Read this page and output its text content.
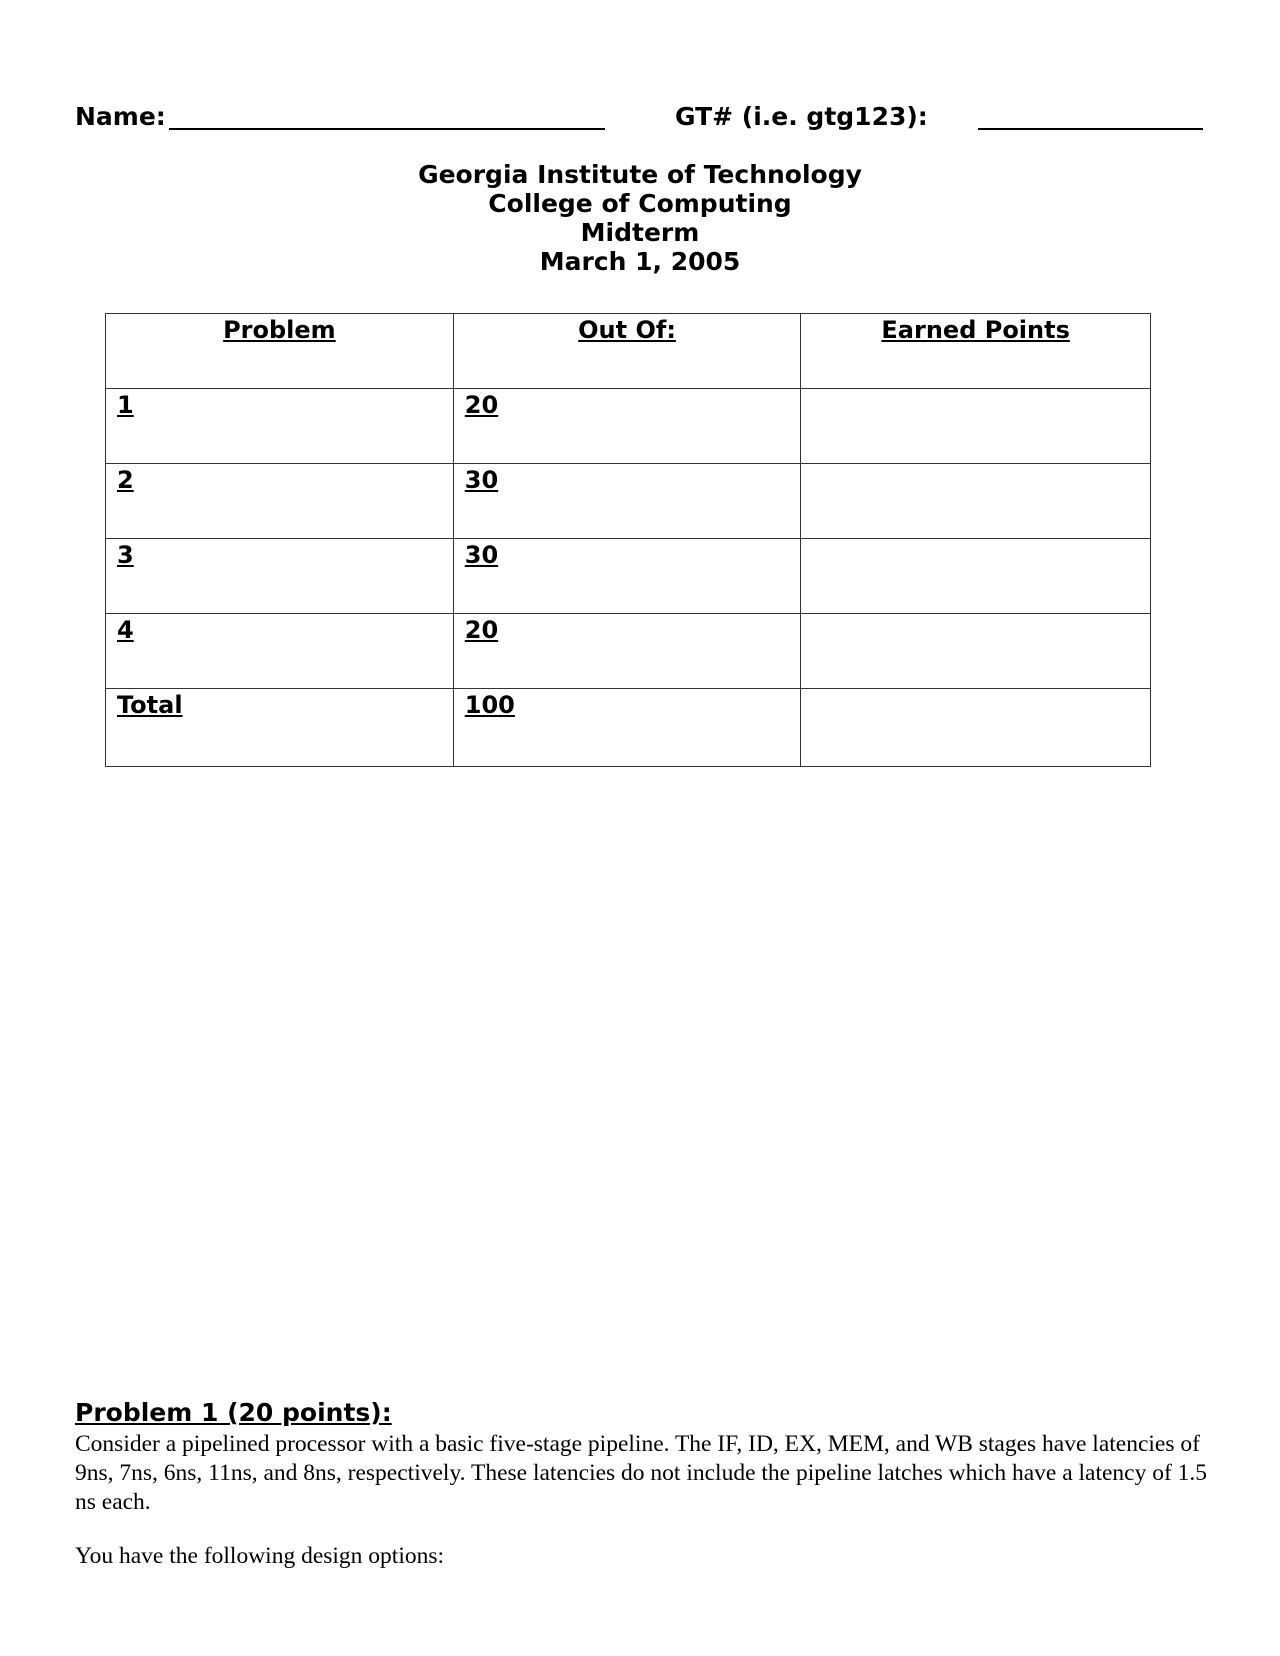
Name:	GT# (i.e. gtg123):
Georgia Institute of Technology
College of Computing
Midterm
March 1, 2005
Problem	Out Of:	Earned Points
1	20	
2	30	
3	30	
4	20	
Total	100	
Problem 1 (20 points):
Consider a pipelined processor with a basic five-stage pipeline. The IF, ID, EX, MEM, and WB stages have latencies of 9ns, 7ns, 6ns, 11ns, and 8ns, respectively. These latencies do not include the pipeline latches which have a latency of 1.5 ns each.
You have the following design options:
